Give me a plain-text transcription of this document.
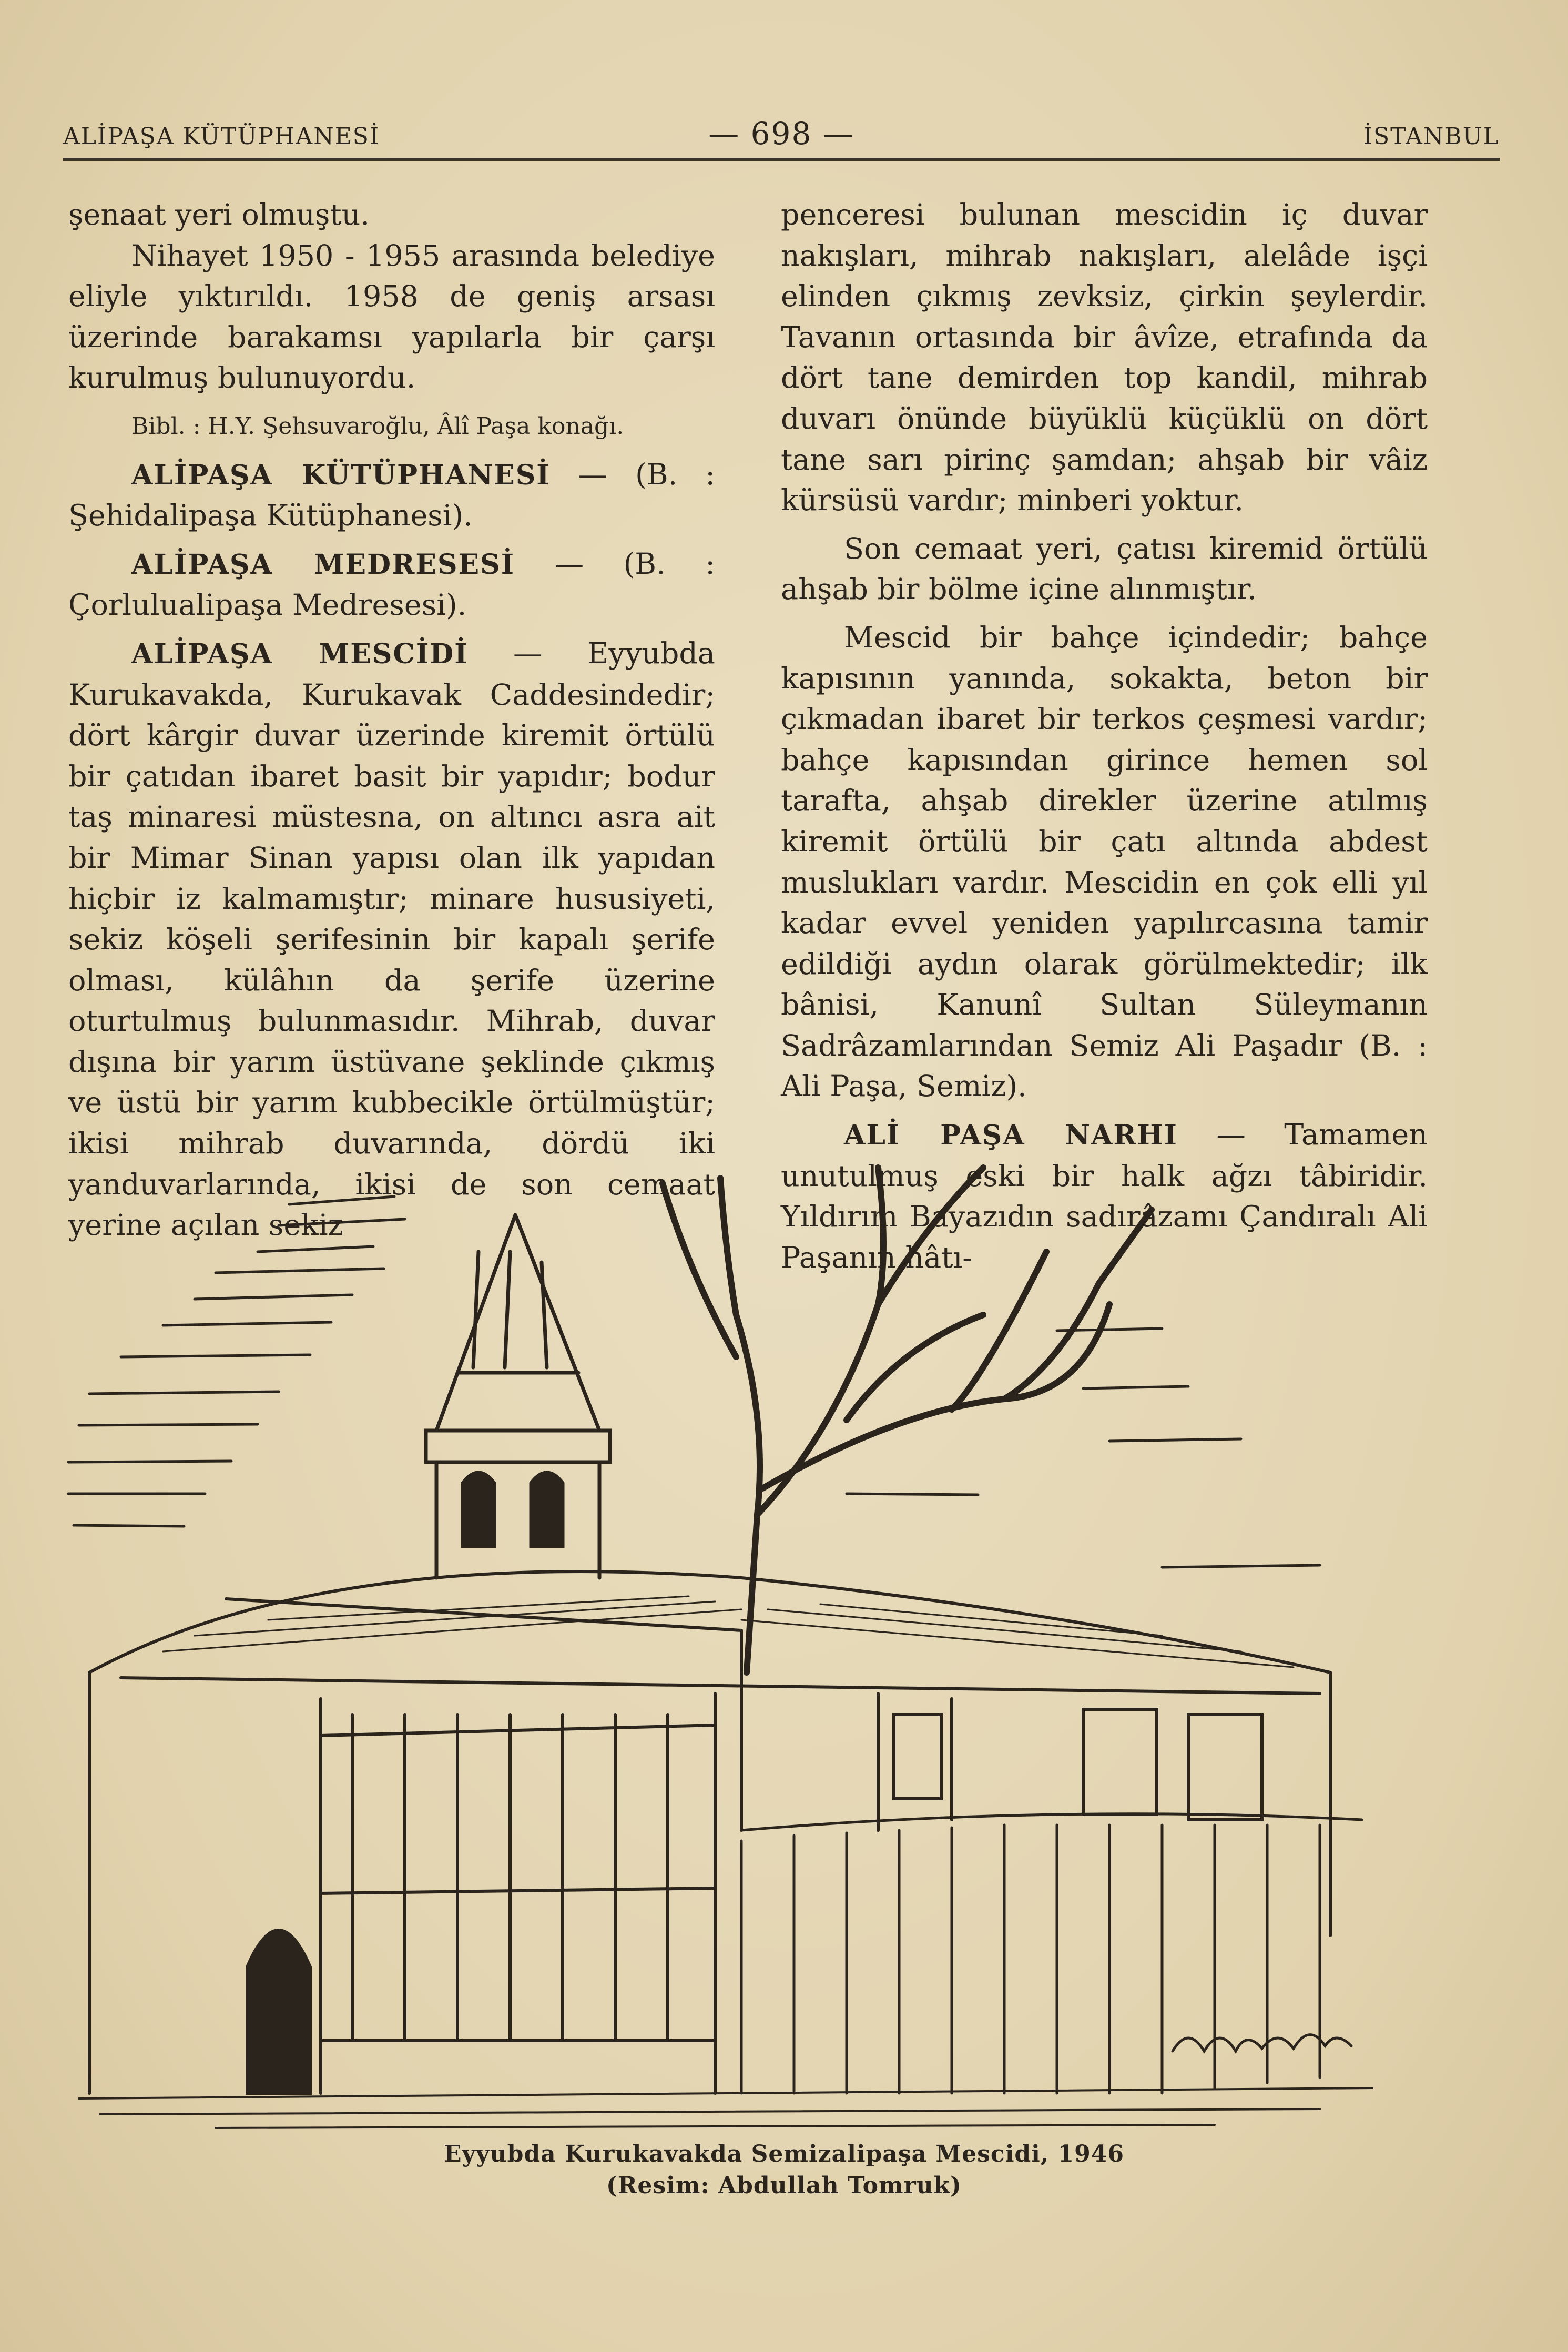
ALİPAŞA KÜTÜPHANESİ	— 698 —	İSTANBUL

şenaat yeri olmuştu.

Nihayet 1950 - 1955 arasında belediye eliyle yıktırıldı. 1958 de geniş arsası üzerinde barakamsı yapılarla bir çarşı kurulmuş bulunuyordu.

Bibl. : H.Y. Şehsuvaroğlu, Âlî Paşa konağı.

ALİPAŞA KÜTÜPHANESİ — (B. : Şehidalipaşa Kütüphanesi).

ALİPAŞA MEDRESESİ — (B. : Çorlulualipaşa Medresesi).

ALİPAŞA MESCİDİ — Eyyubda Kurukavakda, Kurukavak Caddesindedir; dört kârgir duvar üzerinde kiremit örtülü bir çatıdan ibaret basit bir yapıdır; bodur taş minaresi müstesna, on altıncı asra ait bir Mimar Sinan yapısı olan ilk yapıdan hiçbir iz kalmamıştır; minare hususiyeti, sekiz köşeli şerifesinin bir kapalı şerife olması, külâhın da şerife üzerine oturtulmuş bulunmasıdır. Mihrab, duvar dışına bir yarım üstüvane şeklinde çıkmış ve üstü bir yarım kubbecikle örtülmüştür; ikisi mihrab duvarında, dördü iki yanduvarlarında, ikisi de son cemaat yerine açılan sekiz

penceresi bulunan mescidin iç duvar nakışları, mihrab nakışları, alelâde işçi elinden çıkmış zevksiz, çirkin şeylerdir. Tavanın ortasında bir âvîze, etrafında da dört tane demirden top kandil, mihrab duvarı önünde büyüklü küçüklü on dört tane sarı pirinç şamdan; ahşab bir vâiz kürsüsü vardır; minberi yoktur.

Son cemaat yeri, çatısı kiremid örtülü ahşab bir bölme içine alınmıştır.

Mescid bir bahçe içindedir; bahçe kapısının yanında, sokakta, beton bir çıkmadan ibaret bir terkos çeşmesi vardır; bahçe kapısından girince hemen sol tarafta, ahşab direkler üzerine atılmış kiremit örtülü bir çatı altında abdest muslukları vardır. Mescidin en çok elli yıl kadar evvel yeniden yapılırcasına tamir edildiği aydın olarak görülmektedir; ilk bânisi, Kanunî Sultan Süleymanın Sadrâzamlarından Semiz Ali Paşadır (B. : Ali Paşa, Semiz).

ALİ PAŞA NARHI — Tamamen unutulmuş eski bir halk ağzı tâbiridir. Yıldırım Bayazıdın sadırâzamı Çandıralı Ali Paşanın hâtı-

Eyyubda Kurukavakda Semizalipaşa Mescidi, 1946
(Resim: Abdullah Tomruk)
